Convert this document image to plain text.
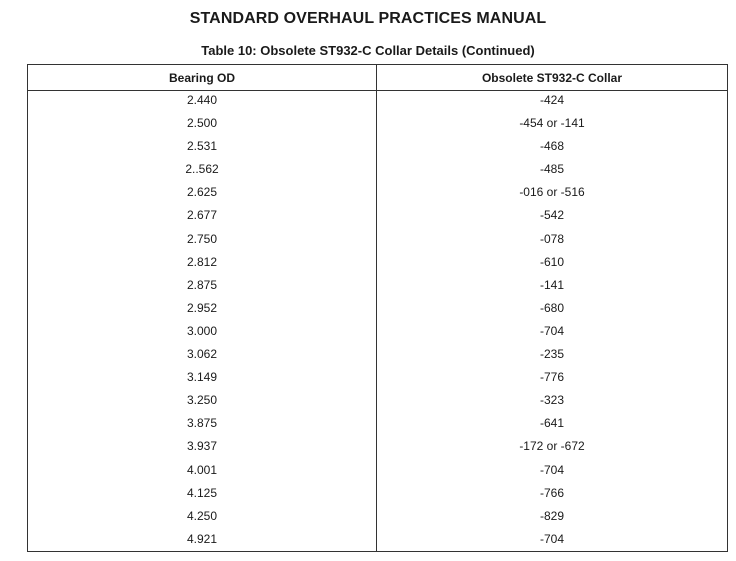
STANDARD OVERHAUL PRACTICES MANUAL
Table 10: Obsolete ST932-C Collar Details (Continued)
Bearing OD	Obsolete ST932-C Collar
2.440	-424
2.500	-454 or -141
2.531	-468
2..562	-485
2.625	-016 or -516
2.677	-542
2.750	-078
2.812	-610
2.875	-141
2.952	-680
3.000	-704
3.062	-235
3.149	-776
3.250	-323
3.875	-641
3.937	-172 or -672
4.001	-704
4.125	-766
4.250	-829
4.921	-704
